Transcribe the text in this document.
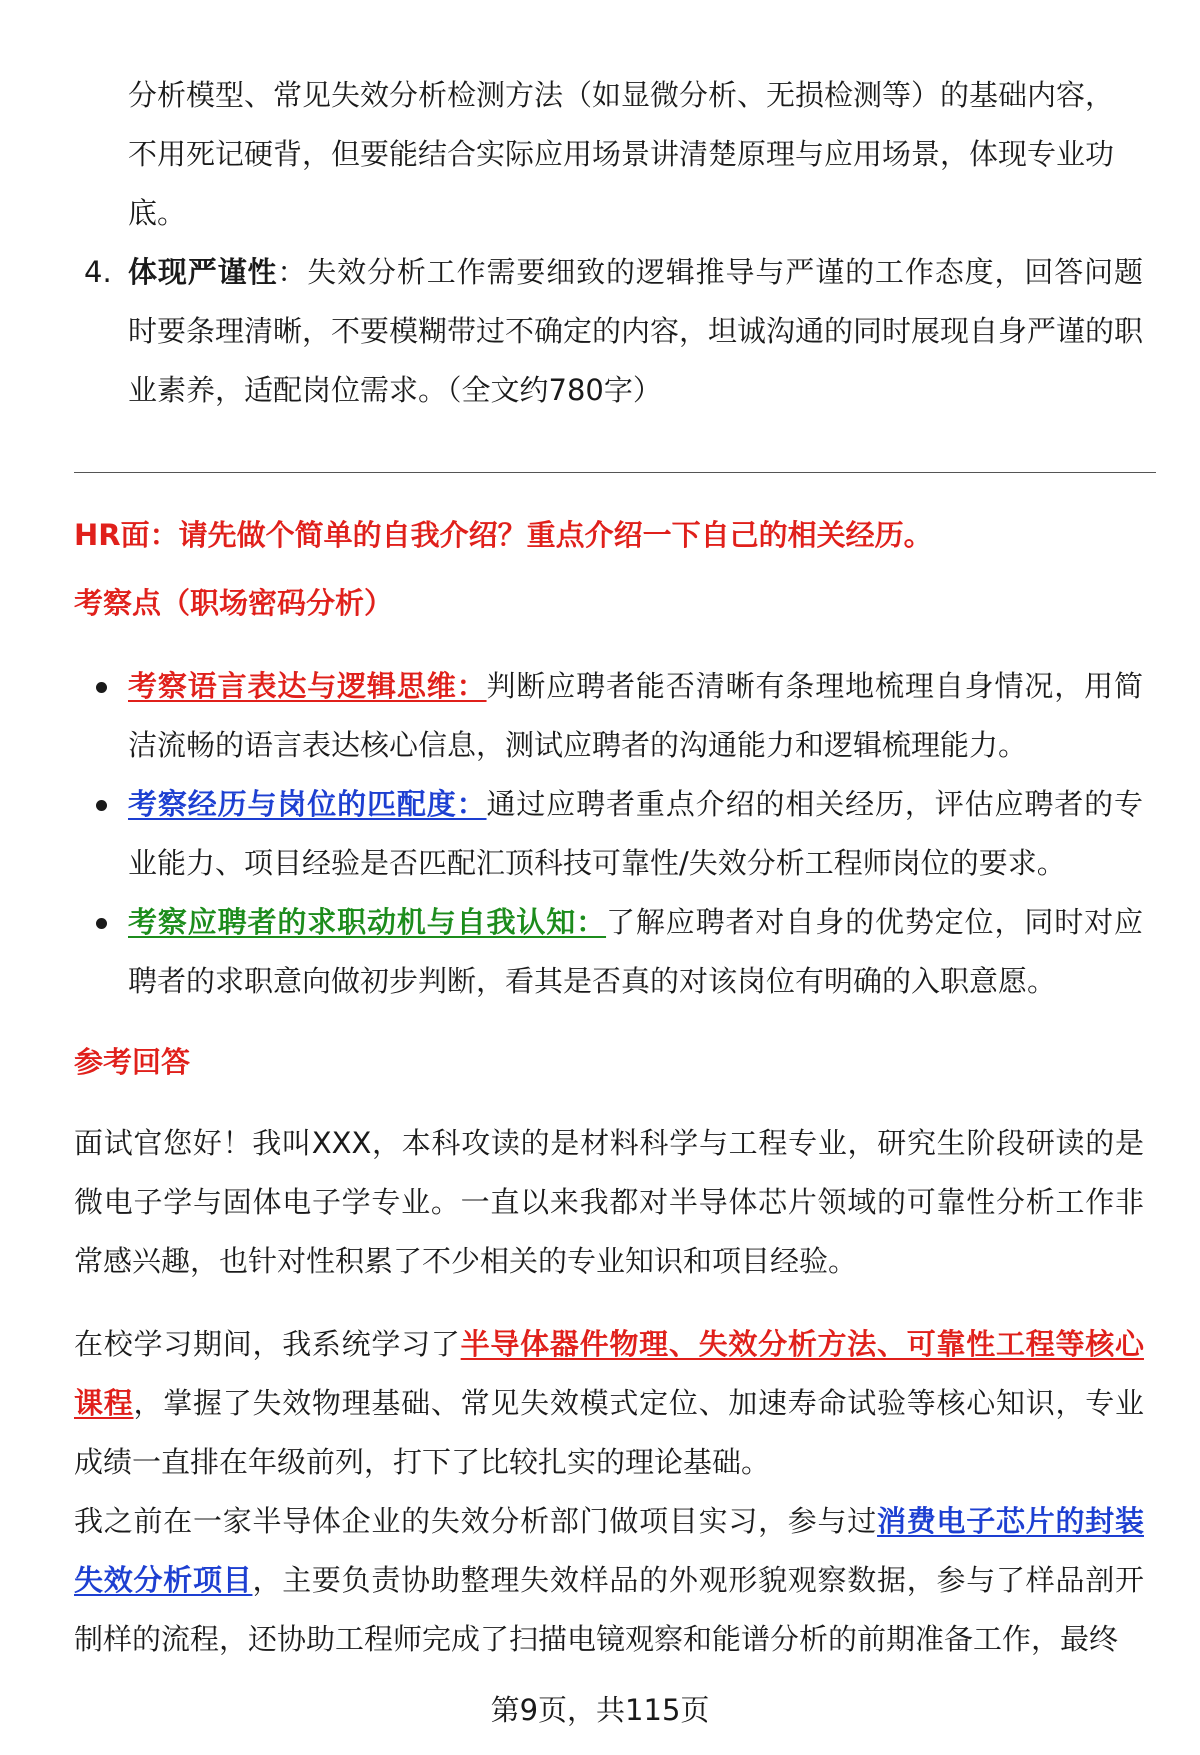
分析模型、常见失效分析检测方法（如显微分析、无损检测等）的基础内容，

不用死记硬背，但要能结合实际应用场景讲清楚原理与应用场景，体现专业功

底。

4. 体现严谨性：失效分析工作需要细致的逻辑推导与严谨的工作态度，回答问题时要条理清晰，不要模糊带过不确定的内容，坦诚沟通的同时展现自身严谨的职业素养，适配岗位需求。（全文约780字）

HR面：请先做个简单的自我介绍？重点介绍一下自己的相关经历。

考察点（职场密码分析）

考察语言表达与逻辑思维：判断应聘者能否清晰有条理地梳理自身情况，用简洁流畅的语言表达核心信息，测试应聘者的沟通能力和逻辑梳理能力。

考察经历与岗位的匹配度：通过应聘者重点介绍的相关经历，评估应聘者的专业能力、项目经验是否匹配汇顶科技可靠性/失效分析工程师岗位的要求。

考察应聘者的求职动机与自我认知：了解应聘者对自身的优势定位，同时对应聘者的求职意向做初步判断，看其是否真的对该岗位有明确的入职意愿。

参考回答

面试官您好！我叫XXX，本科攻读的是材料科学与工程专业，研究生阶段研读的是微电子学与固体电子学专业。一直以来我都对半导体芯片领域的可靠性分析工作非常感兴趣，也针对性积累了不少相关的专业知识和项目经验。

在校学习期间，我系统学习了半导体器件物理、失效分析方法、可靠性工程等核心课程，掌握了失效物理基础、常见失效模式定位、加速寿命试验等核心知识，专业成绩一直排在年级前列，打下了比较扎实的理论基础。

我之前在一家半导体企业的失效分析部门做项目实习，参与过消费电子芯片的封装失效分析项目，主要负责协助整理失效样品的外观形貌观察数据，参与了样品剖开制样的流程，还协助工程师完成了扫描电镜观察和能谱分析的前期准备工作，最终

第9页，共115页
